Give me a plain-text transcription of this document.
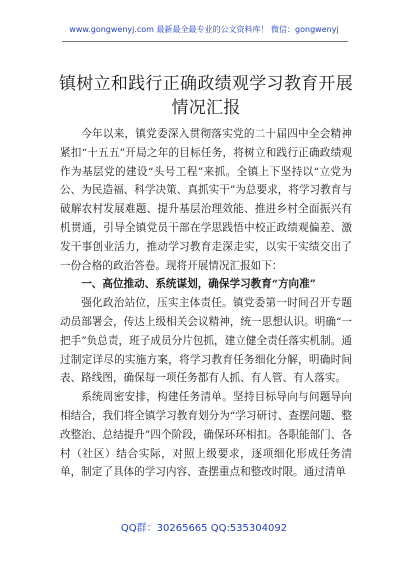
www.gongwenyj.com 最新最全最专业的公文资料库！ 微信：gongwenyj
镇树立和践行正确政绩观学习教育开展情况汇报

今年以来，镇党委深入贯彻落实党的二十届四中全会精神紧扣“十五五”开局之年的目标任务，将树立和践行正确政绩观作为基层党的建设“头号工程”来抓。全镇上下坚持以“立党为公、为民造福、科学决策、真抓实干”为总要求，将学习教育与破解农村发展难题、提升基层治理效能、推进乡村全面振兴有机贯通，引导全镇党员干部在学思践悟中校正政绩观偏差、激发干事创业活力，推动学习教育走深走实，以实干实绩交出了一份合格的政治答卷。现将开展情况汇报如下：

一、高位推动、系统谋划，确保学习教育“方向准”

强化政治站位，压实主体责任。镇党委第一时间召开专题动员部署会，传达上级相关会议精神，统一思想认识。明确“一把手”负总责，班子成员分片包抓，建立健全责任落实机制。通过制定详尽的实施方案，将学习教育任务细化分解，明确时间表、路线图，确保每一项任务都有人抓、有人管、有人落实。

系统周密安排，构建任务清单。坚持目标导向与问题导向相结合，我们将全镇学习教育划分为“学习研讨、查摆问题、整改整治、总结提升”四个阶段，确保环环相扣。各职能部门、各村（社区）结合实际，对照上级要求，逐项细化形成任务清单，制定了具体的学习内容、查摆重点和整改时限。通过清单

QQ群：30265665 QQ:535304092
